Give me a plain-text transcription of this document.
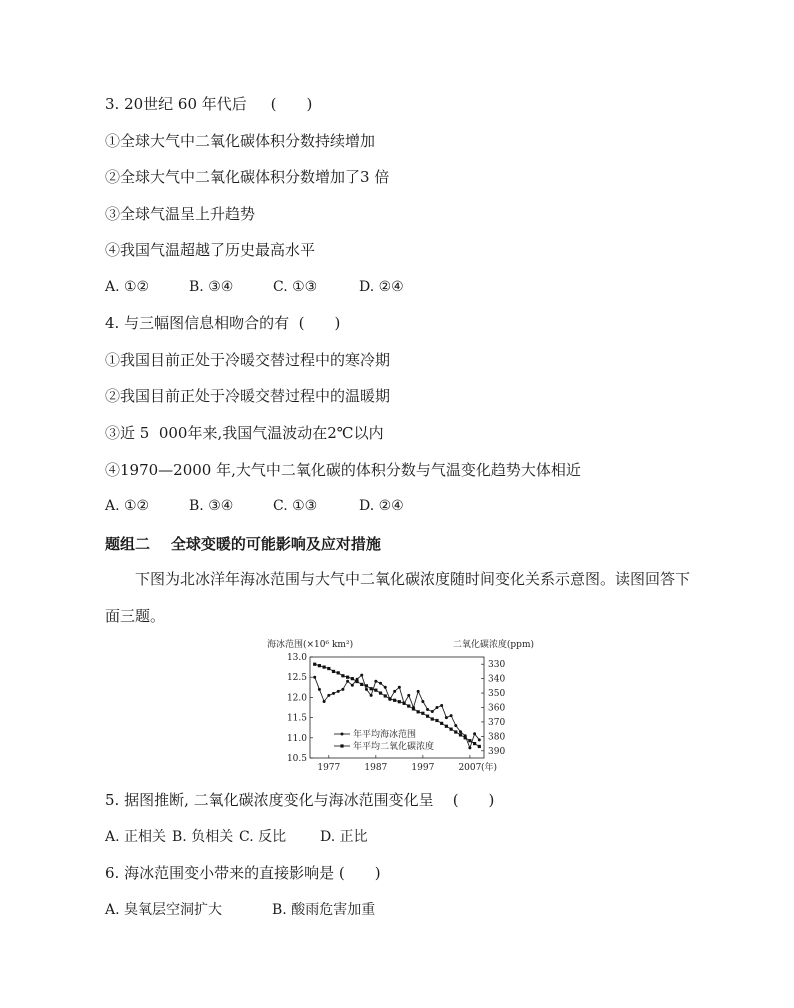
3. 20世纪 60 年代后 (　　)
①全球大气中二氧化碳体积分数持续增加
②全球大气中二氧化碳体积分数增加了3 倍
③全球气温呈上升趋势
④我国气温超越了历史最高水平
A. ①②	B. ③④	C. ①③	D. ②④
4. 与三幅图信息相吻合的有 (　　)
①我国目前正处于冷暖交替过程中的寒冷期
②我国目前正处于冷暖交替过程中的温暖期
③近 5  000年来,我国气温波动在2℃以内
④1970—2000 年,大气中二氧化碳的体积分数与气温变化趋势大体相近
A. ①②	B. ③④	C. ①③	D. ②④
题组二 全球变暖的可能影响及应对措施
下图为北冰洋年海冰范围与大气中二氧化碳浓度随时间变化关系示意图。读图回答下面三题。
海冰范围(×10⁶ km²)	二氧化碳浓度(ppm)
13.0
12.5
12.0
11.5
11.0
10.5
330
340
350
360
370
380
390
1977	1987	1997	2007 (年)
年平均海冰范围
年平均二氧化碳浓度
5. 据图推断, 二氧化碳浓度变化与海冰范围变化呈 (　　)
A. 正相关 B. 负相关 C. 反比 D. 正比
6. 海冰范围变小带来的直接影响是 (　　)
A. 臭氧层空洞扩大	B. 酸雨危害加重
